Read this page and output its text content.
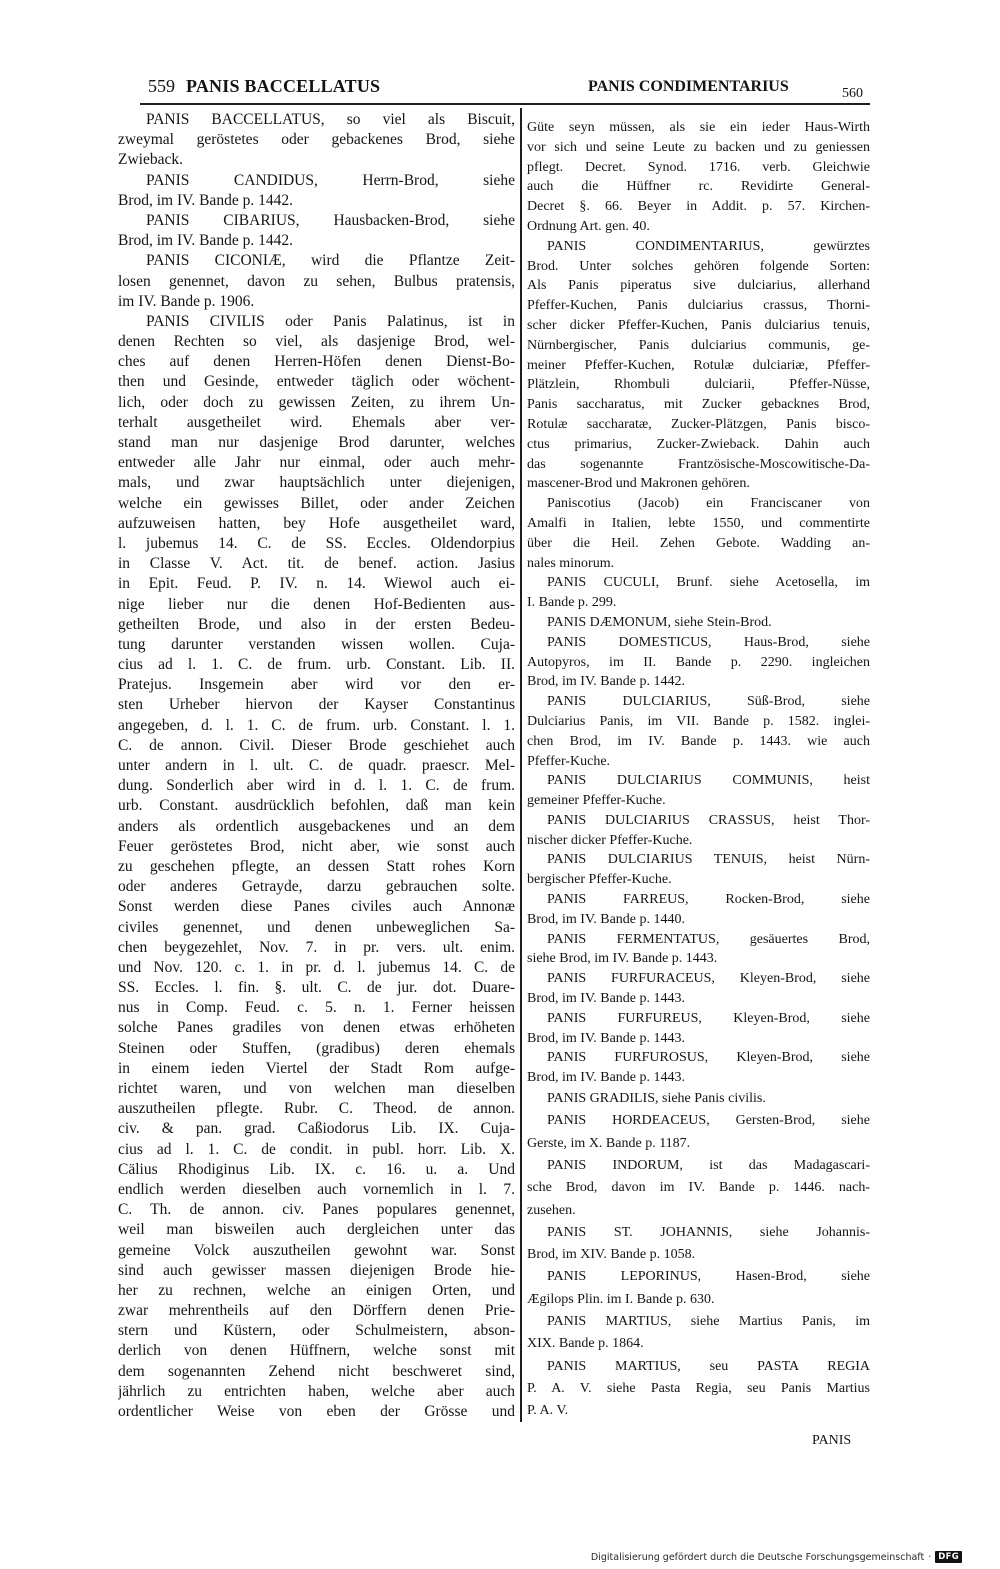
559 PANIS BACCELLATUS	PANIS CONDIMENTARIUS	560
PANIS BACCELLATUS, so viel als Biscuit,
zweymal geröstetes oder gebackenes Brod, siehe
Zwieback.
PANIS CANDIDUS, Herrn-Brod, siehe
Brod, im IV. Bande p. 1442.
PANIS CIBARIUS, Hausbacken-Brod, siehe
Brod, im IV. Bande p. 1442.
PANIS CICONIÆ, wird die Pflantze Zeit-
losen genennet, davon zu sehen, Bulbus pratensis,
im IV. Bande p. 1906.
PANIS CIVILIS oder Panis Palatinus, ist in
denen Rechten so viel, als dasjenige Brod, wel-
ches auf denen Herren-Höfen denen Dienst-Bo-
then und Gesinde, entweder täglich oder wöchent-
lich, oder doch zu gewissen Zeiten, zu ihrem Un-
terhalt ausgetheilet wird. Ehemals aber ver-
stand man nur dasjenige Brod darunter, welches
entweder alle Jahr nur einmal, oder auch mehr-
mals, und zwar hauptsächlich unter diejenigen,
welche ein gewisses Billet, oder ander Zeichen
aufzuweisen hatten, bey Hofe ausgetheilet ward,
l. jubemus 14. C. de SS. Eccles. Oldendorpius
in Classe V. Act. tit. de benef. action. Jasius
in Epit. Feud. P. IV. n. 14. Wiewol auch ei-
nige lieber nur die denen Hof-Bedienten aus-
getheilten Brode, und also in der ersten Bedeu-
tung darunter verstanden wissen wollen. Cuja-
cius ad l. 1. C. de frum. urb. Constant. Lib. II.
Pratejus. Insgemein aber wird vor den er-
sten Urheber hiervon der Kayser Constantinus
angegeben, d. l. 1. C. de frum. urb. Constant. l. 1.
C. de annon. Civil. Dieser Brode geschiehet auch
unter andern in l. ult. C. de quadr. praescr. Mel-
dung. Sonderlich aber wird in d. l. 1. C. de frum.
urb. Constant. ausdrücklich befohlen, daß man kein
anders als ordentlich ausgebackenes und an dem
Feuer geröstetes Brod, nicht aber, wie sonst auch
zu geschehen pflegte, an dessen Statt rohes Korn
oder anderes Getrayde, darzu gebrauchen solte.
Sonst werden diese Panes civiles auch Annonæ
civiles genennet, und denen unbeweglichen Sa-
chen beygezehlet, Nov. 7. in pr. vers. ult. enim.
und Nov. 120. c. 1. in pr. d. l. jubemus 14. C. de
SS. Eccles. l. fin. §. ult. C. de jur. dot. Duare-
nus in Comp. Feud. c. 5. n. 1. Ferner heissen
solche Panes gradiles von denen etwas erhöheten
Steinen oder Stuffen, (gradibus) deren ehemals
in einem ieden Viertel der Stadt Rom aufge-
richtet waren, und von welchen man dieselben
auszutheilen pflegte. Rubr. C. Theod. de annon.
civ. & pan. grad. Caßiodorus Lib. IX. Cuja-
cius ad l. 1. C. de condit. in publ. horr. Lib. X.
Cälius Rhodiginus Lib. IX. c. 16. u. a. Und
endlich werden dieselben auch vornemlich in l. 7.
C. Th. de annon. civ. Panes populares genennet,
weil man bisweilen auch dergleichen unter das
gemeine Volck auszutheilen gewohnt war. Sonst
sind auch gewisser massen diejenigen Brode hie-
her zu rechnen, welche an einigen Orten, und
zwar mehrentheils auf den Dörffern denen Prie-
stern und Küstern, oder Schulmeistern, abson-
derlich von denen Hüffnern, welche sonst mit
dem sogenannten Zehend nicht beschweret sind,
jährlich zu entrichten haben, welche aber auch
ordentlicher Weise von eben der Grösse und
Güte seyn müssen, als sie ein ieder Haus-Wirth
vor sich und seine Leute zu backen und zu geniessen
pflegt. Decret. Synod. 1716. verb. Gleichwie
auch die Hüffner rc. Revidirte General-
Decret §. 66. Beyer in Addit. p. 57. Kirchen-
Ordnung Art. gen. 40.
PANIS CONDIMENTARIUS, gewürztes
Brod. Unter solches gehören folgende Sorten:
Als Panis piperatus sive dulciarius, allerhand
Pfeffer-Kuchen, Panis dulciarius crassus, Thorni-
scher dicker Pfeffer-Kuchen, Panis dulciarius tenuis,
Nürnbergischer, Panis dulciarius communis, ge-
meiner Pfeffer-Kuchen, Rotulæ dulciariæ, Pfeffer-
Plätzlein, Rhombuli dulciarii, Pfeffer-Nüsse,
Panis saccharatus, mit Zucker gebacknes Brod,
Rotulæ saccharatæ, Zucker-Plätzgen, Panis bisco-
ctus primarius, Zucker-Zwieback. Dahin auch
das sogenannte Frantzösische-Moscowitische-Da-
mascener-Brod und Makronen gehören.
Paniscotius (Jacob) ein Franciscaner von
Amalfi in Italien, lebte 1550, und commentirte
über die Heil. Zehen Gebote. Wadding an-
nales minorum.
PANIS CUCULI, Brunf. siehe Acetosella, im
I. Bande p. 299.
PANIS DÆMONUM, siehe Stein-Brod.
PANIS DOMESTICUS, Haus-Brod, siehe
Autopyros, im II. Bande p. 2290. ingleichen
Brod, im IV. Bande p. 1442.
PANIS DULCIARIUS, Süß-Brod, siehe
Dulciarius Panis, im VII. Bande p. 1582. inglei-
chen Brod, im IV. Bande p. 1443. wie auch
Pfeffer-Kuche.
PANIS DULCIARIUS COMMUNIS, heist
gemeiner Pfeffer-Kuche.
PANIS DULCIARIUS CRASSUS, heist Thor-
nischer dicker Pfeffer-Kuche.
PANIS DULCIARIUS TENUIS, heist Nürn-
bergischer Pfeffer-Kuche.
PANIS FARREUS, Rocken-Brod, siehe
Brod, im IV. Bande p. 1440.
PANIS FERMENTATUS, gesäuertes Brod,
siehe Brod, im IV. Bande p. 1443.
PANIS FURFURACEUS, Kleyen-Brod, siehe
Brod, im IV. Bande p. 1443.
PANIS FURFUREUS, Kleyen-Brod, siehe
Brod, im IV. Bande p. 1443.
PANIS FURFUROSUS, Kleyen-Brod, siehe
Brod, im IV. Bande p. 1443.
PANIS GRADILIS, siehe Panis civilis.
PANIS HORDEACEUS, Gersten-Brod, siehe
Gerste, im X. Bande p. 1187.
PANIS INDORUM, ist das Madagascari-
sche Brod, davon im IV. Bande p. 1446. nach-
zusehen.
PANIS ST. JOHANNIS, siehe Johannis-
Brod, im XIV. Bande p. 1058.
PANIS LEPORINUS, Hasen-Brod, siehe
Ægilops Plin. im I. Bande p. 630.
PANIS MARTIUS, siehe Martius Panis, im
XIX. Bande p. 1864.
PANIS MARTIUS, seu PASTA REGIA
P. A. V. siehe Pasta Regia, seu Panis Martius
P. A. V.
PANIS
Digitalisierung gefördert durch die Deutsche Forschungsgemeinschaft · DFG
